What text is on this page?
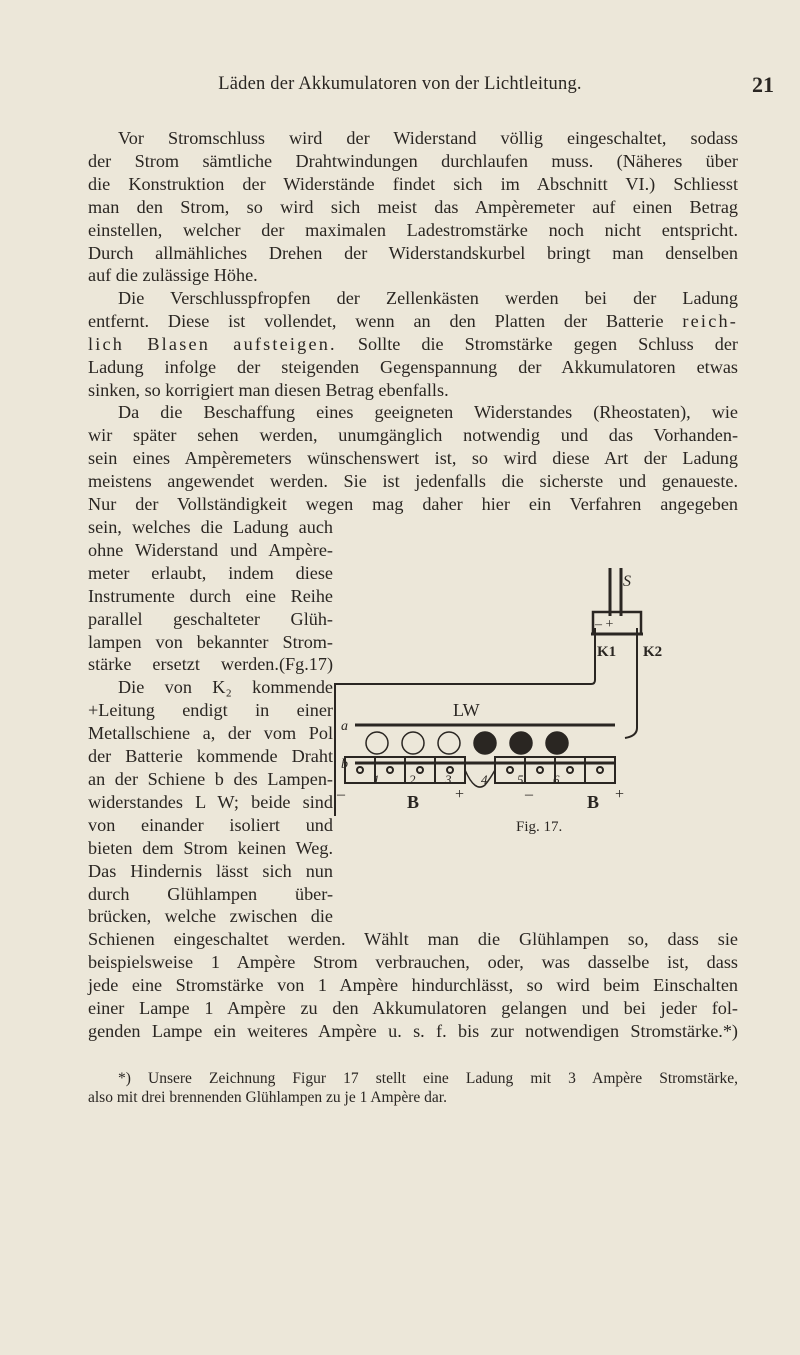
Läden der Akkumulatoren von der Lichtleitung.	21
Vor Stromschluss wird der Widerstand völlig eingeschaltet, sodass
der Strom sämtliche Drahtwindungen durchlaufen muss. (Näheres über
die Konstruktion der Widerstände findet sich im Abschnitt VI.) Schliesst
man den Strom, so wird sich meist das Ampèremeter auf einen Betrag
einstellen, welcher der maximalen Ladestromstärke noch nicht entspricht.
Durch allmähliches Drehen der Widerstandskurbel bringt man denselben
auf die zulässige Höhe.
Die Verschlusspfropfen der Zellenkästen werden bei der Ladung
entfernt. Diese ist vollendet, wenn an den Platten der Batterie reich-
lich Blasen aufsteigen. Sollte die Stromstärke gegen Schluss der
Ladung infolge der steigenden Gegenspannung der Akkumulatoren etwas
sinken, so korrigiert man diesen Betrag ebenfalls.
Da die Beschaffung eines geeigneten Widerstandes (Rheostaten), wie
wir später sehen werden, unumgänglich notwendig und das Vorhanden-
sein eines Ampèremeters wünschenswert ist, so wird diese Art der Ladung
meistens angewendet werden. Sie ist jedenfalls die sicherste und genaueste.
Nur der Vollständigkeit wegen mag daher hier ein Verfahren angegeben
sein, welches die Ladung auch
ohne Widerstand und Ampère-
meter erlaubt, indem diese
Instrumente durch eine Reihe
parallel geschalteter Glüh-
lampen von bekannter Strom-
stärke ersetzt werden.(Fg.17)
Die von K₂ kommende
+Leitung endigt in einer
Metallschiene a, der vom Pol
der Batterie kommende Draht
an der Schiene b des Lampen-
widerstandes L W; beide sind
von einander isoliert und
bieten dem Strom keinen Weg.
Das Hindernis lässt sich nun
durch Glühlampen über-
brücken, welche zwischen die
S
– +
K1 K2
LW
a
b
1 2 3 4 5 6
B	B
–	+	–	+
Fig. 17.
Schienen eingeschaltet werden. Wählt man die Glühlampen so, dass sie
beispielsweise 1 Ampère Strom verbrauchen, oder, was dasselbe ist, dass
jede eine Stromstärke von 1 Ampère hindurchlässt, so wird beim Einschalten
einer Lampe 1 Ampère zu den Akkumulatoren gelangen und bei jeder fol-
genden Lampe ein weiteres Ampère u. s. f. bis zur notwendigen Stromstärke.*)
*) Unsere Zeichnung Figur 17 stellt eine Ladung mit 3 Ampère Stromstärke,
also mit drei brennenden Glühlampen zu je 1 Ampère dar.
